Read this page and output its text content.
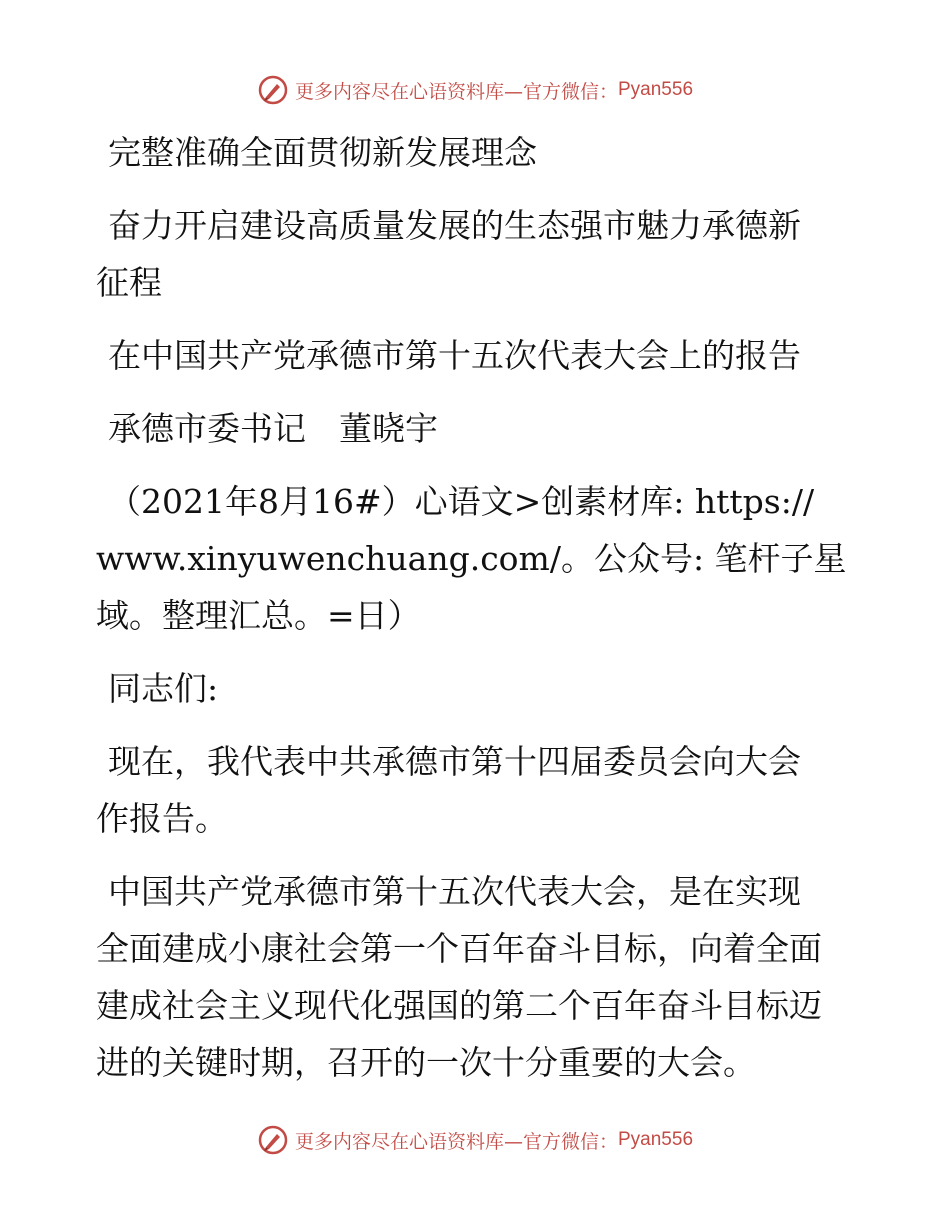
更多内容尽在心语资料库—官方微信： Pyan556
完整准确全面贯彻新发展理念
奋力开启建设高质量发展的生态强市魅力承德新
征程
在中国共产党承德市第十五次代表大会上的报告
承德市委书记　董晓宇
（2021年8月16#）心语文>创素材库: https://
www.xinyuwenchuang.com/。公众号: 笔杆子星
域。整理汇总。=日）
同志们:
现在，我代表中共承德市第十四届委员会向大会
作报告。
中国共产党承德市第十五次代表大会，是在实现
全面建成小康社会第一个百年奋斗目标，向着全面
建成社会主义现代化强国的第二个百年奋斗目标迈
进的关键时期，召开的一次十分重要的大会。
更多内容尽在心语资料库—官方微信： Pyan556
